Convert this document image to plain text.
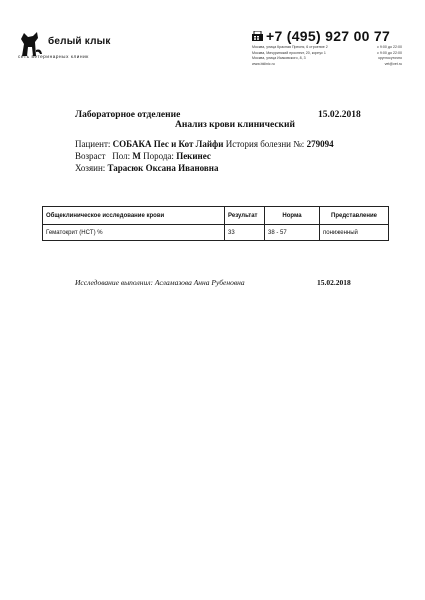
белый клык
сеть ветеринарных клиник
+7 (495) 927 00 77
Москва, улица Красная Пресня, 6 строение 2	с 9:00 до 22:00
Москва, Мичуринский проспект, 20, корпус 1	с 9:00 до 22:00
Москва, улица Исаковского, 8, 3	круглосуточно
www.bklinic.ru	vet@vet.ru
Лабораторное отделение	15.02.2018
Анализ крови клинический
Пациент: СОБАКА Пес и Кот Лайфи История болезни №: 279094
Возраст Пол: М Порода: Пекинес
Хозяин: Тарасюк Оксана Ивановна
Общеклиническое исследование крови	Результат	Норма	Представление
Гематокрит (HCT) %	33	38 - 57	пониженный
Исследование выполнил: Асламазова Анна Рубеновна	15.02.2018
